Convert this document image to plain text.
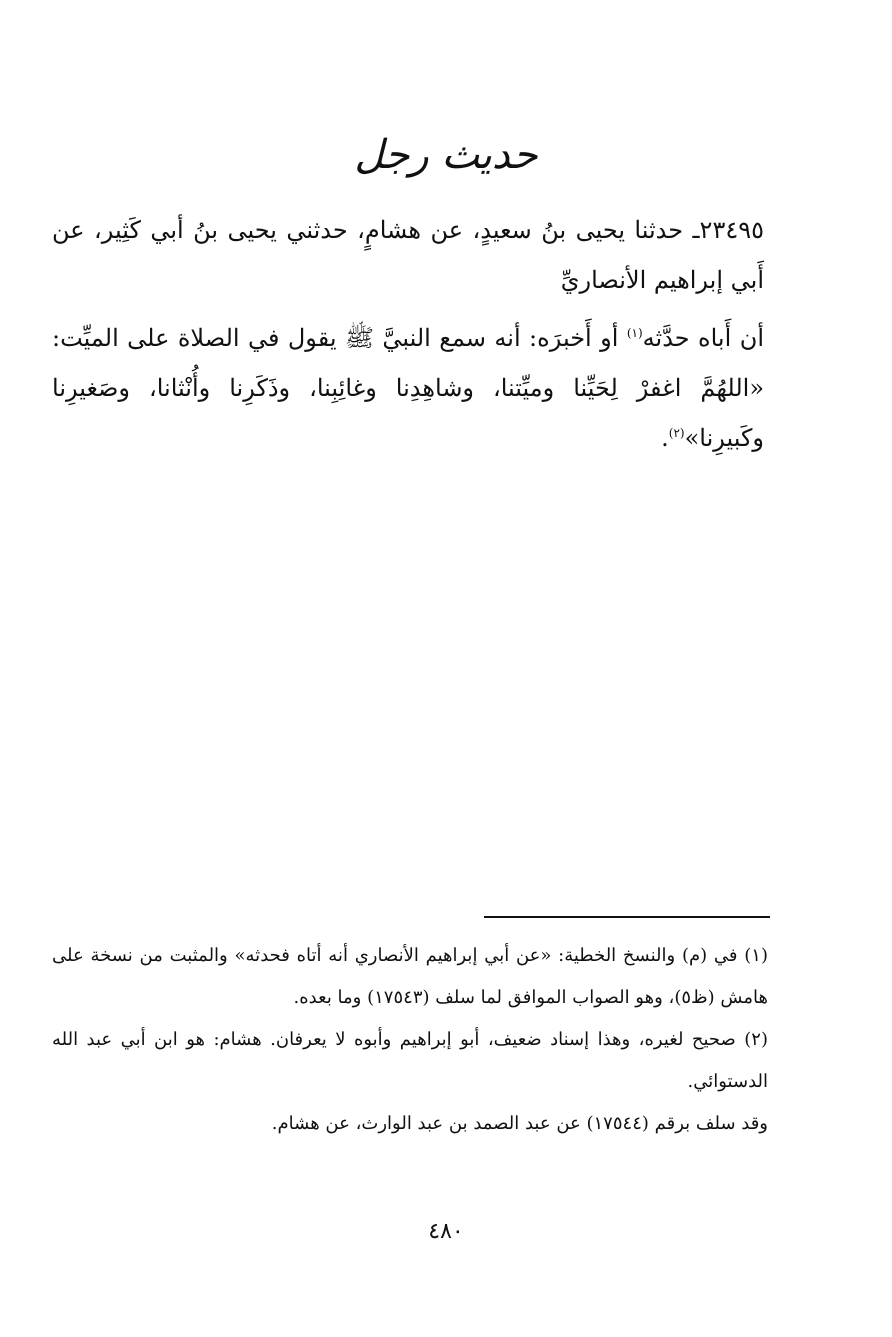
حديث رجل

٢٣٤٩٥ـ حدثنا يحيى بنُ سعيدٍ، عن هشامٍ، حدثني يحيى بنُ أبي كَثِير، عن أَبي إبراهيم الأنصاريِّ

أن أَباه حدَّثه$^{(١)}$ أو أَخبرَه: أنه سمع النبيَّ ﷺ يقول في الصلاة على الميِّت: «اللهُمَّ اغفرْ لِحَيِّنا وميِّتنا، وشاهِدِنا وغائِبِنا، وذَكَرِنا وأُنْثانا، وصَغيرِنا وكَبيرِنا»$^{(٢)}$.

(١) في (م) والنسخ الخطية: «عن أبي إبراهيم الأنصاري أنه أتاه فحدثه» والمثبت من نسخة على هامش (ظ٥)، وهو الصواب الموافق لما سلف (١٧٥٤٣) وما بعده.

(٢) صحيح لغيره، وهذا إسناد ضعيف، أبو إبراهيم وأبوه لا يعرفان. هشام: هو ابن أبي عبد الله الدستوائي.

وقد سلف برقم (١٧٥٤٤) عن عبد الصمد بن عبد الوارث، عن هشام.

٤٨٠
